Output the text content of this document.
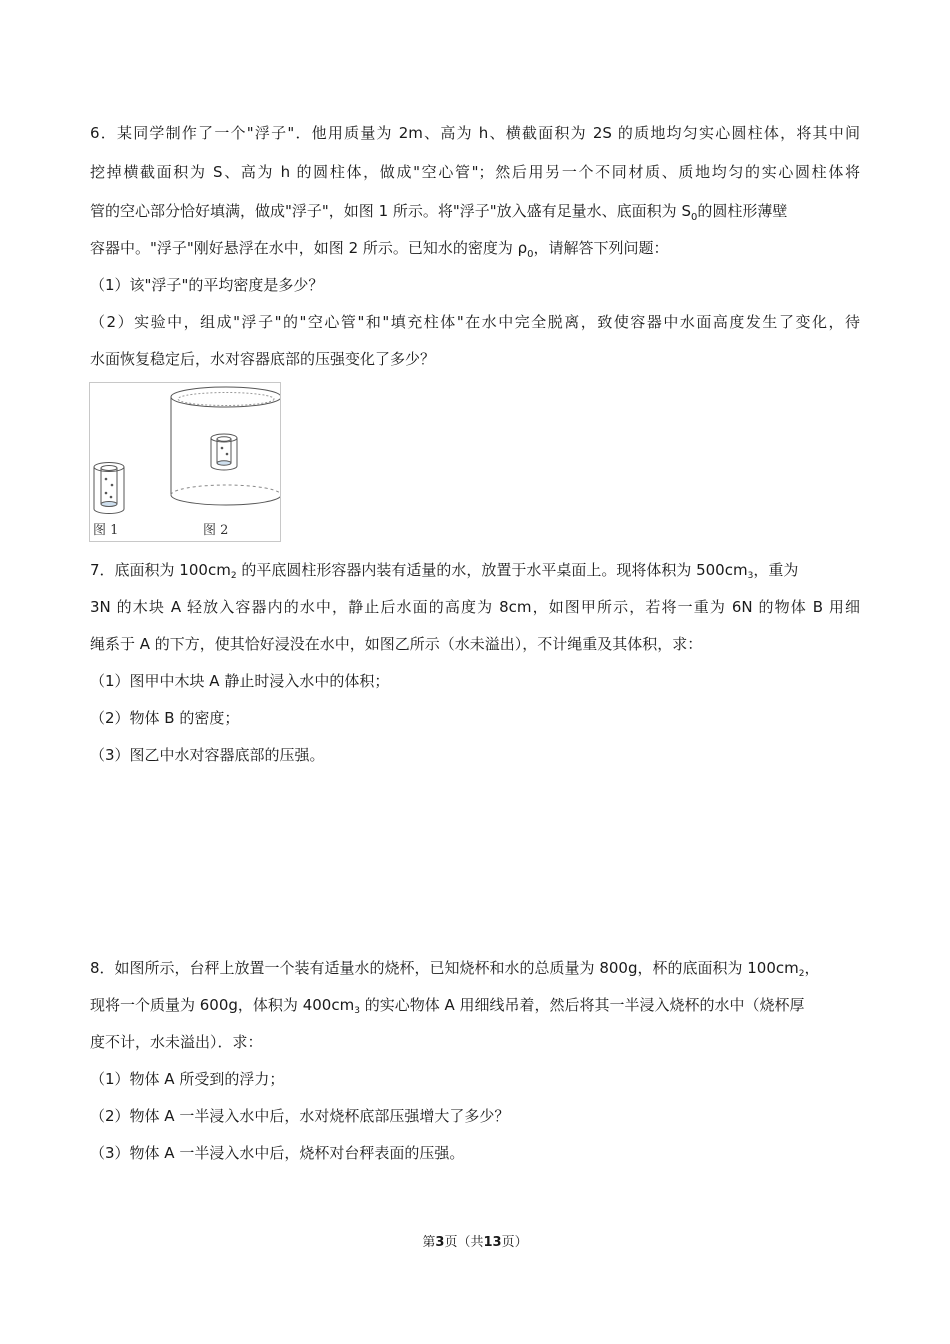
6．某同学制作了一个"浮子"．他用质量为 2m、高为 h、横截面积为 2S 的质地均匀实心圆柱体，将其中间
挖掉横截面积为 S、高为 h 的圆柱体，做成"空心管"；然后用另一个不同材质、质地均匀的实心圆柱体将
管的空心部分恰好填满，做成"浮子"，如图 1 所示。将"浮子"放入盛有足量水、底面积为 $S_0$的圆柱形薄壁
容器中。"浮子"刚好悬浮在水中，如图 2 所示。已知水的密度为 $\rho_0$，请解答下列问题：
（1）该"浮子"的平均密度是多少？
（2）实验中，组成"浮子"的"空心管"和"填充柱体"在水中完全脱离，致使容器中水面高度发生了变化，待
水面恢复稳定后，水对容器底部的压强变化了多少？
图 1	图 2
7．底面积为 $100cm_2$ 的平底圆柱形容器内装有适量的水，放置于水平桌面上。现将体积为 $500cm_3$，重为
3N 的木块 A 轻放入容器内的水中，静止后水面的高度为 8cm，如图甲所示，若将一重为 6N 的物体 B 用细
绳系于 A 的下方，使其恰好浸没在水中，如图乙所示（水未溢出），不计绳重及其体积，求：
（1）图甲中木块 A 静止时浸入水中的体积；
（2）物体 B 的密度；
（3）图乙中水对容器底部的压强。
8．如图所示，台秤上放置一个装有适量水的烧杯，已知烧杯和水的总质量为 800g，杯的底面积为 $100cm_2$，
现将一个质量为 600g，体积为 $400cm_3$ 的实心物体 A 用细线吊着，然后将其一半浸入烧杯的水中（烧杯厚
度不计，水未溢出）．求：
（1）物体 A 所受到的浮力；
（2）物体 A 一半浸入水中后，水对烧杯底部压强增大了多少？
（3）物体 A 一半浸入水中后，烧杯对台秤表面的压强。
第3页（共13页）
